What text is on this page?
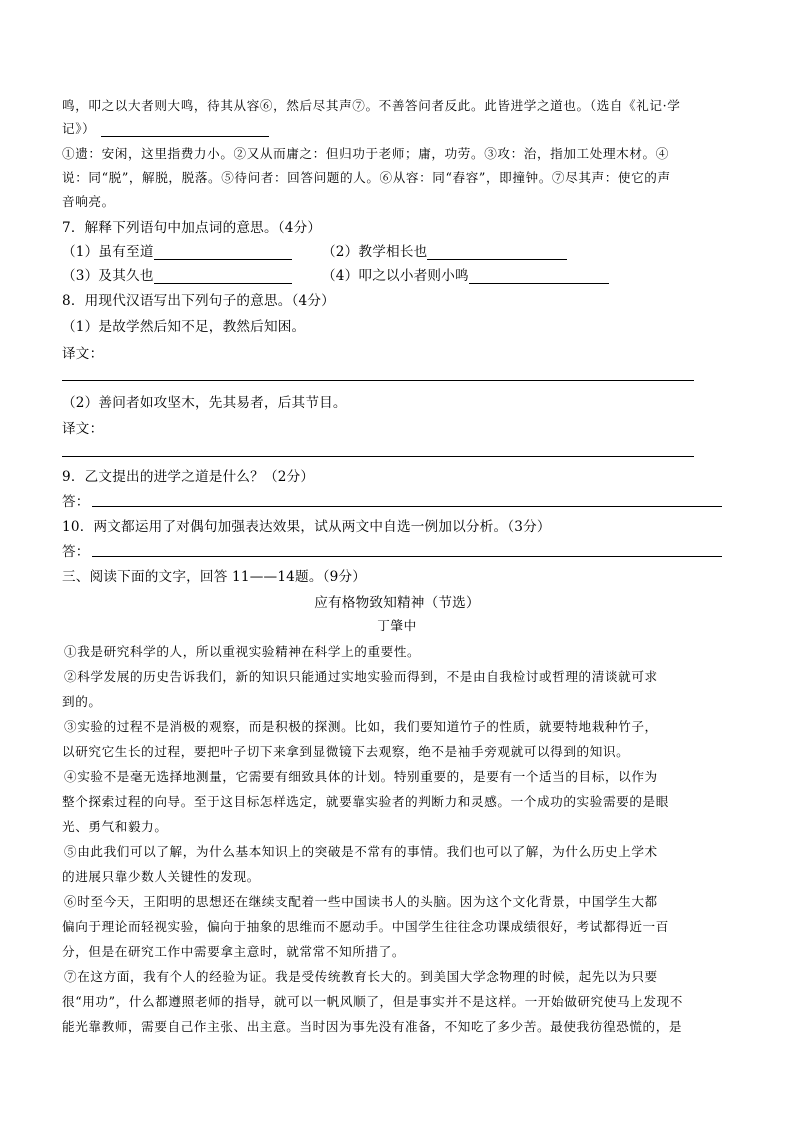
鸣，叩之以大者则大鸣，待其从容⑥，然后尽其声⑦。不善答问者反此。此皆进学之道也。（选自《礼记·学
记》）
①遗：安闲，这里指费力小。②又从而庸之：但归功于老师；庸，功劳。③攻：治，指加工处理木材。④
说：同“脱”，解脱，脱落。⑤待问者：回答问题的人。⑥从容：同“舂容”，即撞钟。⑦尽其声：使它的声
音响亮。
7．解释下列语句中加点词的意思。（4分）
（1）虽有至道	（2）教学相长也
（3）及其久也	（4）叩之以小者则小鸣
8．用现代汉语写出下列句子的意思。（4分）
（1）是故学然后知不足，教然后知困。
译文：
（2）善问者如攻坚木，先其易者，后其节目。
译文：
9．乙文提出的进学之道是什么？（2分）
答：
10．两文都运用了对偶句加强表达效果，试从两文中自选一例加以分析。（3分）
答：
三、阅读下面的文字，回答 11——14题。（9分）
应有格物致知精神（节选）
丁肇中
①我是研究科学的人，所以重视实验精神在科学上的重要性。
②科学发展的历史告诉我们，新的知识只能通过实地实验而得到，不是由自我检讨或哲理的清谈就可求
到的。
③实验的过程不是消极的观察，而是积极的探测。比如，我们要知道竹子的性质，就要特地栽种竹子，
以研究它生长的过程，要把叶子切下来拿到显微镜下去观察，绝不是袖手旁观就可以得到的知识。
④实验不是毫无选择地测量，它需要有细致具体的计划。特别重要的，是要有一个适当的目标，以作为
整个探索过程的向导。至于这目标怎样选定，就要靠实验者的判断力和灵感。一个成功的实验需要的是眼
光、勇气和毅力。
⑤由此我们可以了解，为什么基本知识上的突破是不常有的事情。我们也可以了解，为什么历史上学术
的进展只靠少数人关键性的发现。
⑥时至今天，王阳明的思想还在继续支配着一些中国读书人的头脑。因为这个文化背景，中国学生大都
偏向于理论而轻视实验，偏向于抽象的思维而不愿动手。中国学生往往念功课成绩很好，考试都得近一百
分，但是在研究工作中需要拿主意时，就常常不知所措了。
⑦在这方面，我有个人的经验为证。我是受传统教育长大的。到美国大学念物理的时候，起先以为只要
很“用功”，什么都遵照老师的指导，就可以一帆风顺了，但是事实并不是这样。一开始做研究使马上发现不
能光靠教师，需要自己作主张、出主意。当时因为事先没有准备，不知吃了多少苦。最使我彷徨恐慌的，是
